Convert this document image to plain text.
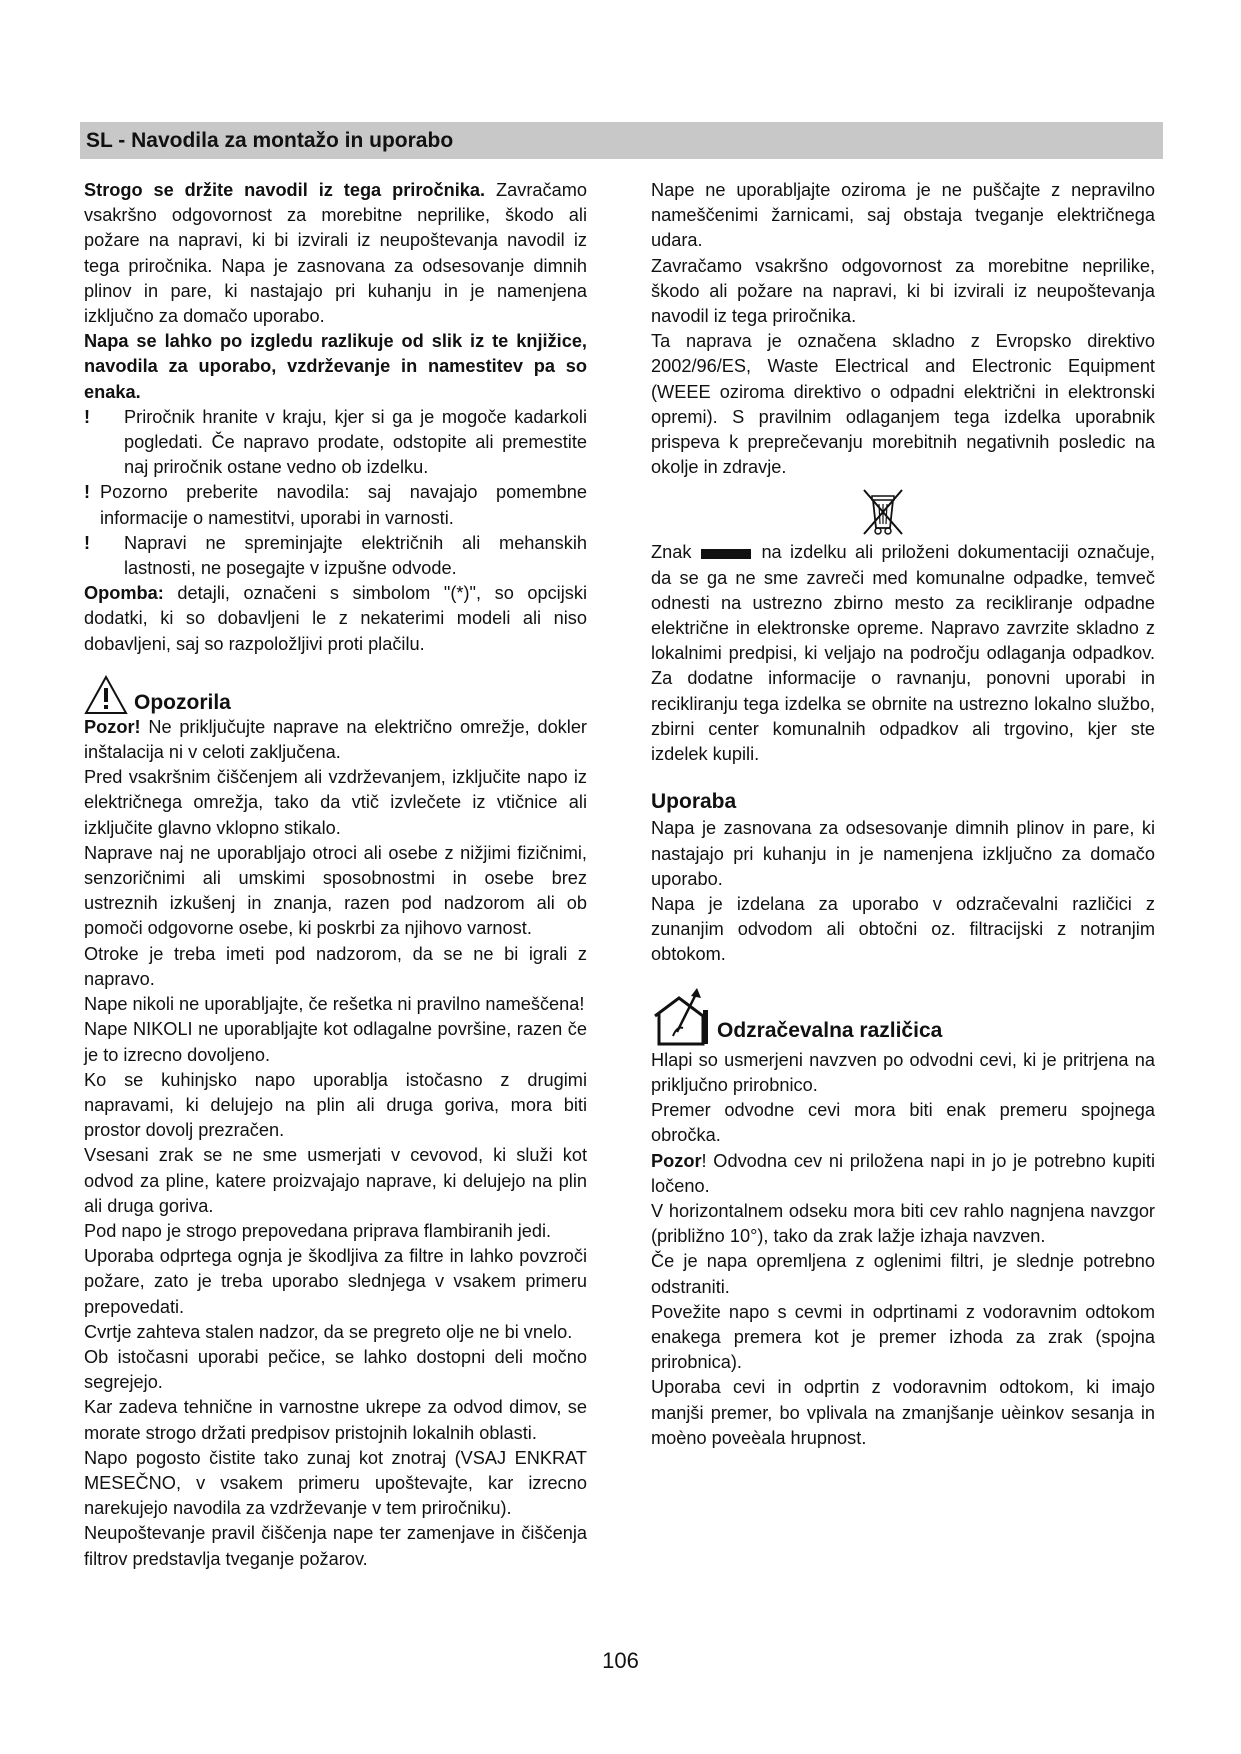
SL - Navodila za montažo in uporabo

Strogo se držite navodil iz tega priročnika. Zavračamo vsakršno odgovornost za morebitne neprilike, škodo ali požare na napravi, ki bi izvirali iz neupoštevanja navodil iz tega priročnika. Napa je zasnovana za odsesovanje dimnih plinov in pare, ki nastajajo pri kuhanju in je namenjena izključno za domačo uporabo.

Napa se lahko po izgledu razlikuje od slik iz te knjižice, navodila za uporabo, vzdrževanje in namestitev pa so enaka.

!	Priročnik hranite v kraju, kjer si ga je mogoče kadarkoli pogledati. Če napravo prodate, odstopite ali premestite naj priročnik ostane vedno ob izdelku.
! Pozorno preberite navodila: saj navajajo pomembne informacije o namestitvi, uporabi in varnosti.
!	Napravi ne spreminjajte električnih ali mehanskih lastnosti, ne posegajte v izpušne odvode.

Opomba: detajli, označeni s simbolom "(*)", so opcijski dodatki, ki so dobavljeni le z nekaterimi modeli ali niso dobavljeni, saj so razpoložljivi proti plačilu.

Opozorila

Pozor! Ne priključujte naprave na električno omrežje, dokler inštalacija ni v celoti zaključena.

Pred vsakršnim čiščenjem ali vzdrževanjem, izključite napo iz električnega omrežja, tako da vtič izvlečete iz vtičnice ali izključite glavno vklopno stikalo.

Naprave naj ne uporabljajo otroci ali osebe z nižjimi fizičnimi, senzoričnimi ali umskimi sposobnostmi in osebe brez ustreznih izkušenj in znanja, razen pod nadzorom ali ob pomoči odgovorne osebe, ki poskrbi za njihovo varnost.

Otroke je treba imeti pod nadzorom, da se ne bi igrali z napravo.

Nape nikoli ne uporabljajte, če rešetka ni pravilno nameščena!

Nape NIKOLI ne uporabljajte kot odlagalne površine, razen če je to izrecno dovoljeno.

Ko se kuhinjsko napo uporablja istočasno z drugimi napravami, ki delujejo na plin ali druga goriva, mora biti prostor dovolj prezračen.

Vsesani zrak se ne sme usmerjati v cevovod, ki služi kot odvod za pline, katere proizvajajo naprave, ki delujejo na plin ali druga goriva.

Pod napo je strogo prepovedana priprava flambiranih jedi.

Uporaba odprtega ognja je škodljiva za filtre in lahko povzroči požare, zato je treba uporabo slednjega v vsakem primeru prepovedati.

Cvrtje zahteva stalen nadzor, da se pregreto olje ne bi vnelo.

Ob istočasni uporabi pečice, se lahko dostopni deli močno segrejejo.

Kar zadeva tehnične in varnostne ukrepe za odvod dimov, se morate strogo držati predpisov pristojnih lokalnih oblasti.

Napo pogosto čistite tako zunaj kot znotraj (VSAJ ENKRAT MESEČNO, v vsakem primeru upoštevajte, kar izrecno narekujejo navodila za vzdrževanje v tem priročniku).

Neupoštevanje pravil čiščenja nape ter zamenjave in čiščenja filtrov predstavlja tveganje požarov.

Nape ne uporabljajte oziroma je ne puščajte z nepravilno nameščenimi žarnicami, saj obstaja tveganje električnega udara.

Zavračamo vsakršno odgovornost za morebitne neprilike, škodo ali požare na napravi, ki bi izvirali iz neupoštevanja navodil iz tega priročnika.

Ta naprava je označena skladno z Evropsko direktivo 2002/96/ES, Waste Electrical and Electronic Equipment (WEEE oziroma direktivo o odpadni električni in elektronski opremi). S pravilnim odlaganjem tega izdelka uporabnik prispeva k preprečevanju morebitnih negativnih posledic na okolje in zdravje.

Znak	na izdelku ali priloženi dokumentaciji označuje, da se ga ne sme zavreči med komunalne odpadke, temveč odnesti na ustrezno zbirno mesto za recikliranje odpadne električne in elektronske opreme. Napravo zavrzite skladno z lokalnimi predpisi, ki veljajo na področju odlaganja odpadkov. Za dodatne informacije o ravnanju, ponovni uporabi in recikliranju tega izdelka se obrnite na ustrezno lokalno službo, zbirni center komunalnih odpadkov ali trgovino, kjer ste izdelek kupili.

Uporaba

Napa je zasnovana za odsesovanje dimnih plinov in pare, ki nastajajo pri kuhanju in je namenjena izključno za domačo uporabo.

Napa je izdelana za uporabo v odzračevalni različici z zunanjim odvodom ali obtočni oz. filtracijski z notranjim obtokom.

Odzračevalna različica

Hlapi so usmerjeni navzven po odvodni cevi, ki je pritrjena na priključno prirobnico.

Premer odvodne cevi mora biti enak premeru spojnega obročka.

Pozor! Odvodna cev ni priložena napi in jo je potrebno kupiti ločeno.

V horizontalnem odseku mora biti cev rahlo nagnjena navzgor (približno 10°), tako da zrak lažje izhaja navzven.

Če je napa opremljena z oglenimi filtri, je slednje potrebno odstraniti.

Povežite napo s cevmi in odprtinami z vodoravnim odtokom enakega premera kot je premer izhoda za zrak (spojna prirobnica).

Uporaba cevi in odprtin z vodoravnim odtokom, ki imajo manjši premer, bo vplivala na zmanjšanje uèinkov sesanja in moèno poveèala hrupnost.

106
